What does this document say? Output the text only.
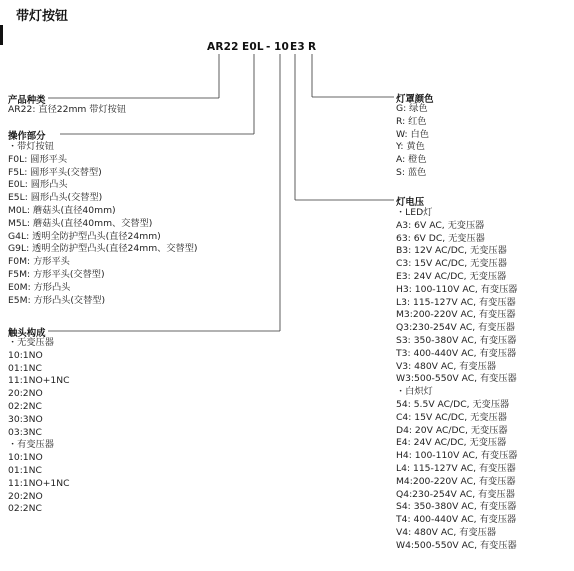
带灯按钮
AR22 E0L - 10 E3 R
产品种类
AR22: 直径22mm 带灯按钮
操作部分
・带灯按钮
F0L: 圆形平头
F5L: 圆形平头(交替型)
E0L: 圆形凸头
E5L: 圆形凸头(交替型)
M0L: 蘑菇头(直径40mm)
M5L: 蘑菇头(直径40mm、交替型)
G4L: 透明全防护型凸头(直径24mm)
G9L: 透明全防护型凸头(直径24mm、交替型)
F0M: 方形平头
F5M: 方形平头(交替型)
E0M: 方形凸头
E5M: 方形凸头(交替型)
触头构成
・无变压器
10:1NO
01:1NC
11:1NO+1NC
20:2NO
02:2NC
30:3NO
03:3NC
・有变压器
10:1NO
01:1NC
11:1NO+1NC
20:2NO
02:2NC
灯罩颜色
G: 绿色
R: 红色
W: 白色
Y: 黄色
A: 橙色
S: 蓝色
灯电压
・LED灯
A3: 6V AC, 无变压器
63: 6V DC, 无变压器
B3: 12V AC/DC, 无变压器
C3: 15V AC/DC, 无变压器
E3: 24V AC/DC, 无变压器
H3: 100-110V AC, 有变压器
L3: 115-127V AC, 有变压器
M3:200-220V AC, 有变压器
Q3:230-254V AC, 有变压器
S3: 350-380V AC, 有变压器
T3: 400-440V AC, 有变压器
V3: 480V AC, 有变压器
W3:500-550V AC, 有变压器
・白炽灯
54: 5.5V AC/DC, 无变压器
C4: 15V AC/DC, 无变压器
D4: 20V AC/DC, 无变压器
E4: 24V AC/DC, 无变压器
H4: 100-110V AC, 有变压器
L4: 115-127V AC, 有变压器
M4:200-220V AC, 有变压器
Q4:230-254V AC, 有变压器
S4: 350-380V AC, 有变压器
T4: 400-440V AC, 有变压器
V4: 480V AC, 有变压器
W4:500-550V AC, 有变压器
